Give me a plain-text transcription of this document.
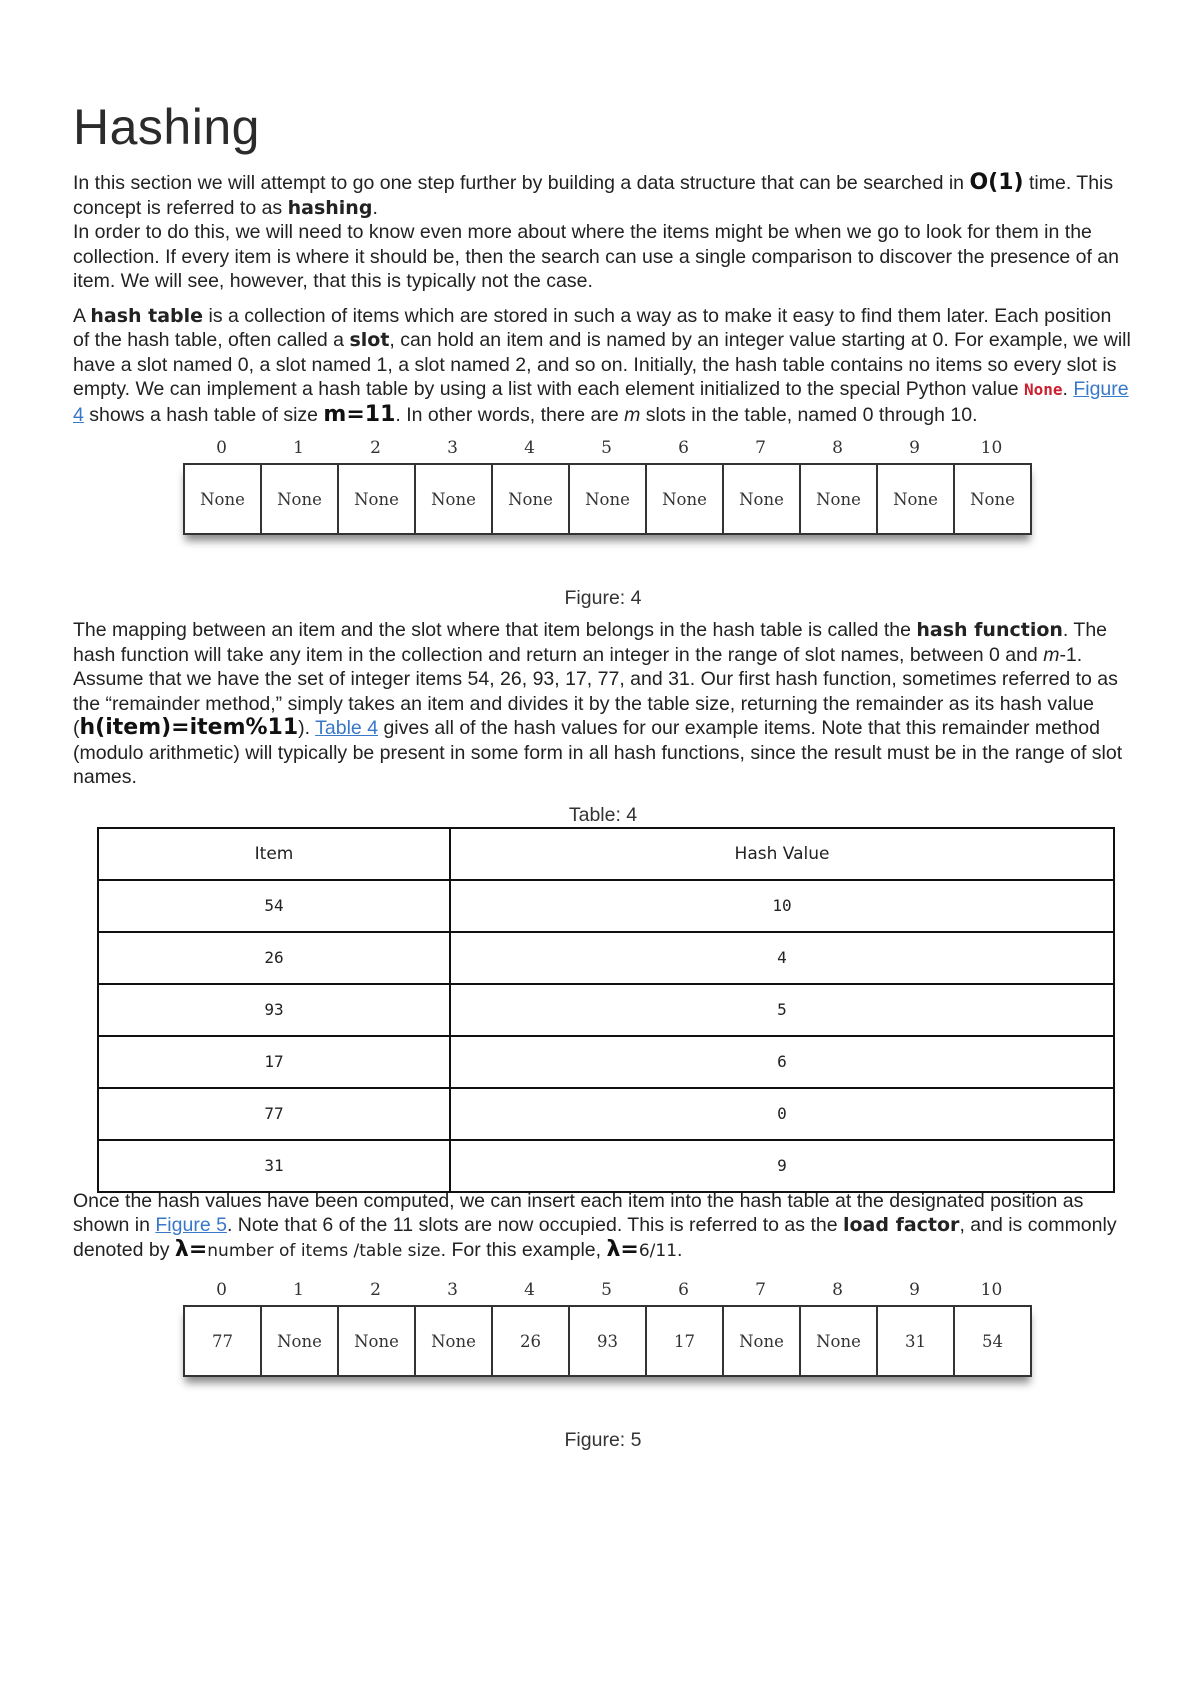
Hashing

In this section we will attempt to go one step further by building a data structure that can be searched in O(1) time. This concept is referred to as hashing.

In order to do this, we will need to know even more about where the items might be when we go to look for them in the collection. If every item is where it should be, then the search can use a single comparison to discover the presence of an item. We will see, however, that this is typically not the case.

A hash table is a collection of items which are stored in such a way as to make it easy to find them later. Each position of the hash table, often called a slot, can hold an item and is named by an integer value starting at 0. For example, we will have a slot named 0, a slot named 1, a slot named 2, and so on. Initially, the hash table contains no items so every slot is empty. We can implement a hash table by using a list with each element initialized to the special Python value None. Figure 4 shows a hash table of size m=11. In other words, there are m slots in the table, named 0 through 10.

0	1	2	3	4	5	6	7	8	9	10
None	None	None	None	None	None	None	None	None	None	None
Figure: 4

The mapping between an item and the slot where that item belongs in the hash table is called the hash function. The hash function will take any item in the collection and return an integer in the range of slot names, between 0 and m-1. Assume that we have the set of integer items 54, 26, 93, 17, 77, and 31. Our first hash function, sometimes referred to as the “remainder method,” simply takes an item and divides it by the table size, returning the remainder as its hash value (h(item)=item%11). Table 4 gives all of the hash values for our example items. Note that this remainder method (modulo arithmetic) will typically be present in some form in all hash functions, since the result must be in the range of slot names.

Table: 4
Item	Hash Value
54	10
26	4
93	5
17	6
77	0
31	9

Once the hash values have been computed, we can insert each item into the hash table at the designated position as shown in Figure 5. Note that 6 of the 11 slots are now occupied. This is referred to as the load factor, and is commonly denoted by λ=number of items /table size. For this example, λ=6/11.

0	1	2	3	4	5	6	7	8	9	10
77	None	None	None	26	93	17	None	None	31	54
Figure: 5
